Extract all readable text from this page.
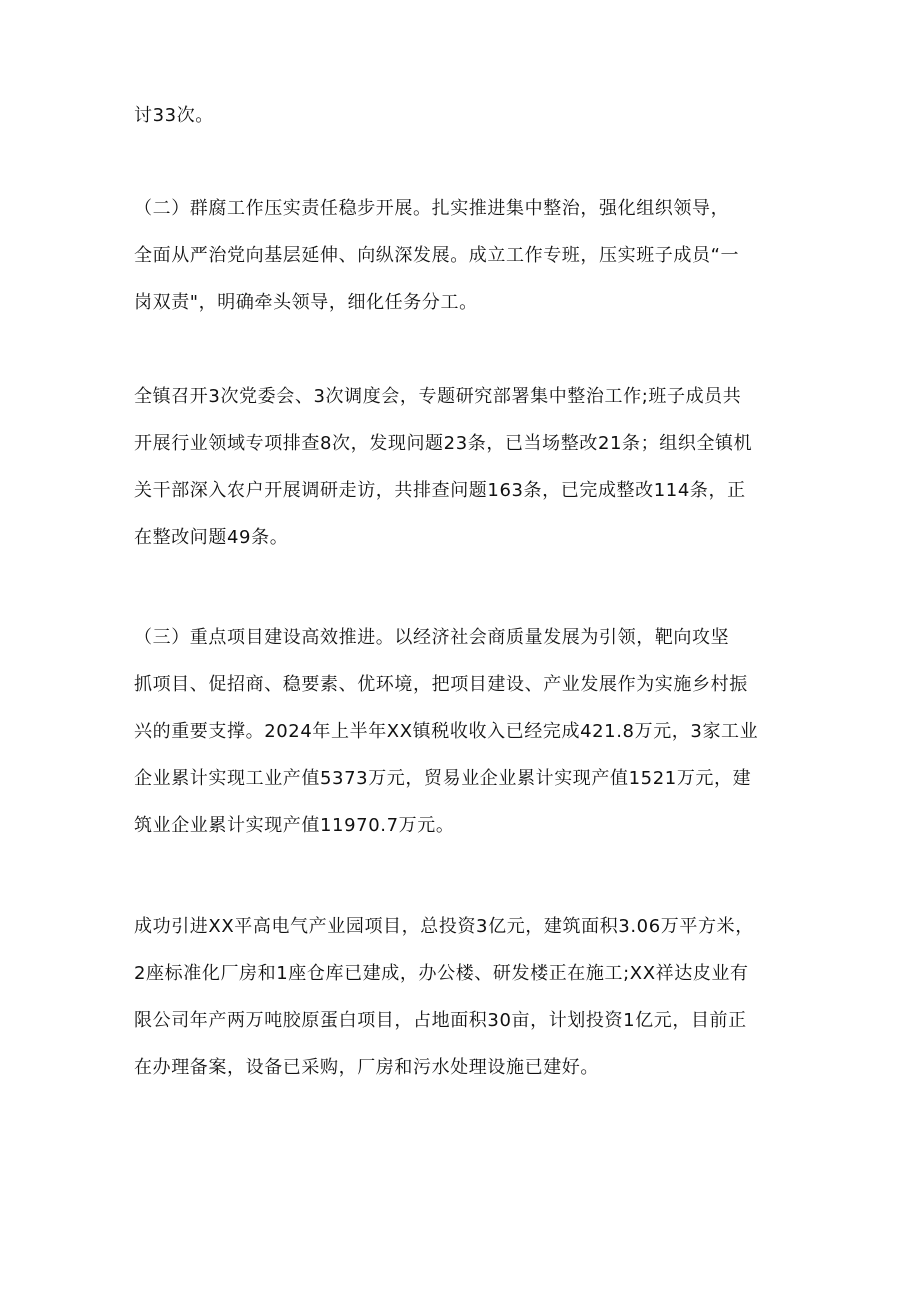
讨33次。
（二）群腐工作压实责任稳步开展。扎实推进集中整治，强化组织领导，
全面从严治党向基层延伸、向纵深发展。成立工作专班，压实班子成员“一
岗双责"，明确牵头领导，细化任务分工。
全镇召开3次党委会、3次调度会，专题研究部署集中整治工作;班子成员共
开展行业领域专项排查8次，发现问题23条，已当场整改21条；组织全镇机
关干部深入农户开展调研走访，共排查问题163条，已完成整改114条，正
在整改问题49条。
（三）重点项目建设高效推进。以经济社会商质量发展为引领，靶向攻坚
抓项目、促招商、稳要素、优环境，把项目建设、产业发展作为实施乡村振
兴的重要支撑。2024年上半年XX镇税收收入已经完成421.8万元，3家工业
企业累计实现工业产值5373万元，贸易业企业累计实现产值1521万元，建
筑业企业累计实现产值11970.7万元。
成功引进XX平高电气产业园项目，总投资3亿元，建筑面积3.06万平方米，
2座标准化厂房和1座仓库已建成，办公楼、研发楼正在施工;XX祥达皮业有
限公司年产两万吨胶原蛋白项目，占地面积30亩，计划投资1亿元，目前正
在办理备案，设备已采购，厂房和污水处理设施已建好。
